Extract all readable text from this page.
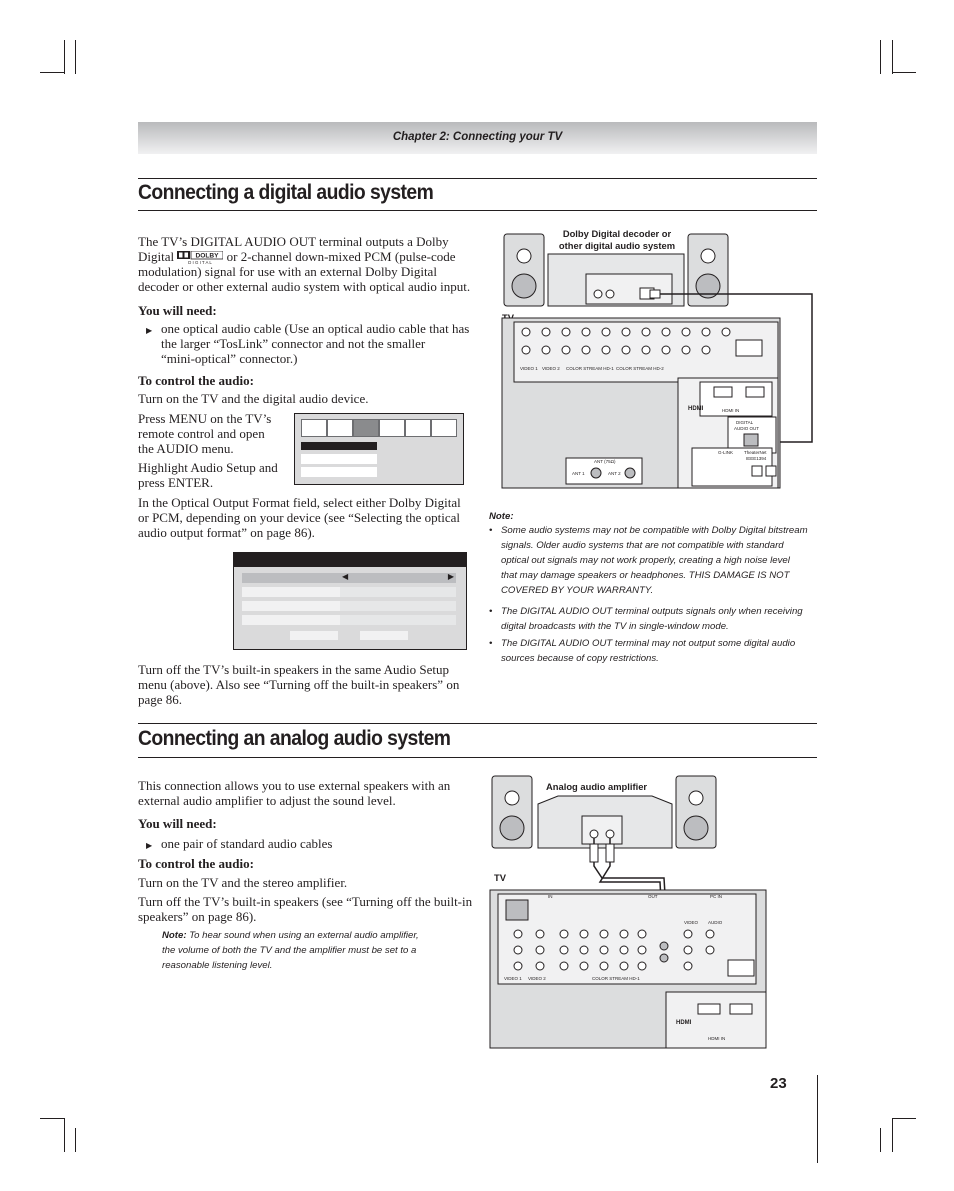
Chapter 2: Connecting your TV
Connecting a digital audio system
The TV’s DIGITAL AUDIO OUT terminal outputs a Dolby
Digital	DOLBY
D I G I T A L or 2-channel down-mixed PCM (pulse-code
modulation) signal for use with an external Dolby Digital
decoder or other external audio system with optical audio input.
You will need:
▶ one optical audio cable (Use an optical audio cable that has
the larger “TosLink” connector and not the smaller
“mini-optical” connector.)
To control the audio:
Turn on the TV and the digital audio device.
Press MENU on the TV’s
remote control and open
the AUDIO menu.
Highlight Audio Setup and
press ENTER.
In the Optical Output Format field, select either Dolby Digital
or PCM, depending on your device (see “Selecting the optical
audio output format” on page 86).
◀	▶
Turn off the TV’s built-in speakers in the same Audio Setup
menu (above). Also see “Turning off the built-in speakers” on
page 86.
Dolby Digital decoder or
other digital audio system
VIDEO 1 VIDEO 2 COLOR STREAM HD-1 COLOR STREAM HD-2
HDMI	HDMI IN
DIGITAL
AUDIO OUT
G-LINK TheaterNet
IEEE1394
ANT (75Ω)
ANT 1	ANT 2
Note:
• Some audio systems may not be compatible with Dolby Digital bitstream
signals. Older audio systems that are not compatible with standard
optical out signals may not work properly, creating a high noise level
that may damage speakers or headphones. THIS DAMAGE IS NOT
COVERED BY YOUR WARRANTY.
• The DIGITAL AUDIO OUT terminal outputs signals only when receiving
digital broadcasts with the TV in single-window mode.
• The DIGITAL AUDIO OUT terminal may not output some digital audio
sources because of copy restrictions.
Connecting an analog audio system
This connection allows you to use external speakers with an
external audio amplifier to adjust the sound level.
You will need:
▶ one pair of standard audio cables
To control the audio:
Turn on the TV and the stereo amplifier.
Turn off the TV’s built-in speakers (see “Turning off the built-in
speakers” on page 86).
Note: To hear sound when using an external audio amplifier,
the volume of both the TV and the amplifier must be set to a
reasonable listening level.
Analog audio amplifier
TV
IN	OUT	PC IN
VIDEO 1 VIDEO 2	COLOR STREAM HD-1
VIDEO AUDIO
HDMI
HDMI IN
23
